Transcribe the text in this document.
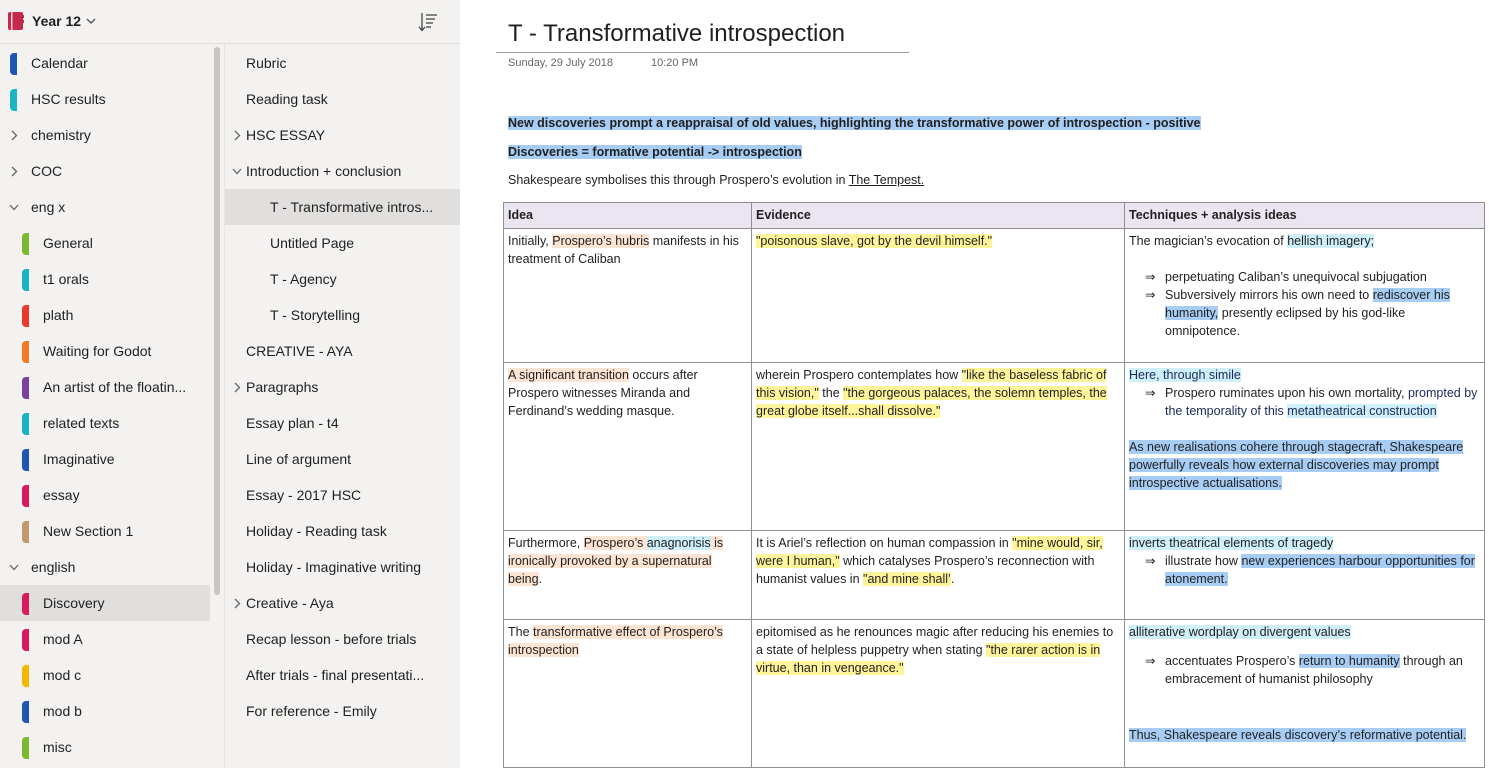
Year 12
Calendar
HSC results
chemistry
COC
eng x
General
t1 orals
plath
Waiting for Godot
An artist of the floatin...
related texts
Imaginative
essay
New Section 1
english
Discovery
mod A
mod c
mod b
misc
Rubric
Reading task
HSC ESSAY
Introduction + conclusion
T - Transformative intros...
Untitled Page
T - Agency
T - Storytelling
CREATIVE - AYA
Paragraphs
Essay plan - t4
Line of argument
Essay - 2017 HSC
Holiday - Reading task
Holiday - Imaginative writing
Creative - Aya
Recap lesson - before trials
After trials - final presentati...
For reference - Emily
T - Transformative introspection
Sunday, 29 July 2018	10:20 PM
New discoveries prompt a reappraisal of old values, highlighting the transformative power of introspection - positive
Discoveries = formative potential -> introspection
Shakespeare symbolises this through Prospero’s evolution in The Tempest.
Idea	Evidence	Techniques + analysis ideas
Initially, Prospero’s hubris manifests in his treatment of Caliban	"poisonous slave, got by the devil himself."	The magician’s evocation of hellish imagery;
⇒ perpetuating Caliban’s unequivocal subjugation
⇒ Subversively mirrors his own need to rediscover his humanity, presently eclipsed by his god-like omnipotence.

A significant transition occurs after Prospero witnesses Miranda and Ferdinand’s wedding masque.	wherein Prospero contemplates how "like the baseless fabric of this vision," the "the gorgeous palaces, the solemn temples, the great globe itself...shall dissolve."	Here, through simile
⇒ Prospero ruminates upon his own mortality, prompted by the temporality of this metatheatrical construction
As new realisations cohere through stagecraft, Shakespeare powerfully reveals how external discoveries may prompt introspective actualisations.

Furthermore, Prospero’s anagnorisis is ironically provoked by a supernatural being.	It is Ariel’s reflection on human compassion in "mine would, sir, were I human," which catalyses Prospero’s reconnection with humanist values in "and mine shall’.	inverts theatrical elements of tragedy
⇒ illustrate how new experiences harbour opportunities for atonement.

The transformative effect of Prospero’s introspection	epitomised as he renounces magic after reducing his enemies to a state of helpless puppetry when stating "the rarer action is in virtue, than in vengeance."	alliterative wordplay on divergent values
⇒ accentuates Prospero’s return to humanity through an embracement of humanist philosophy
Thus, Shakespeare reveals discovery’s reformative potential.
